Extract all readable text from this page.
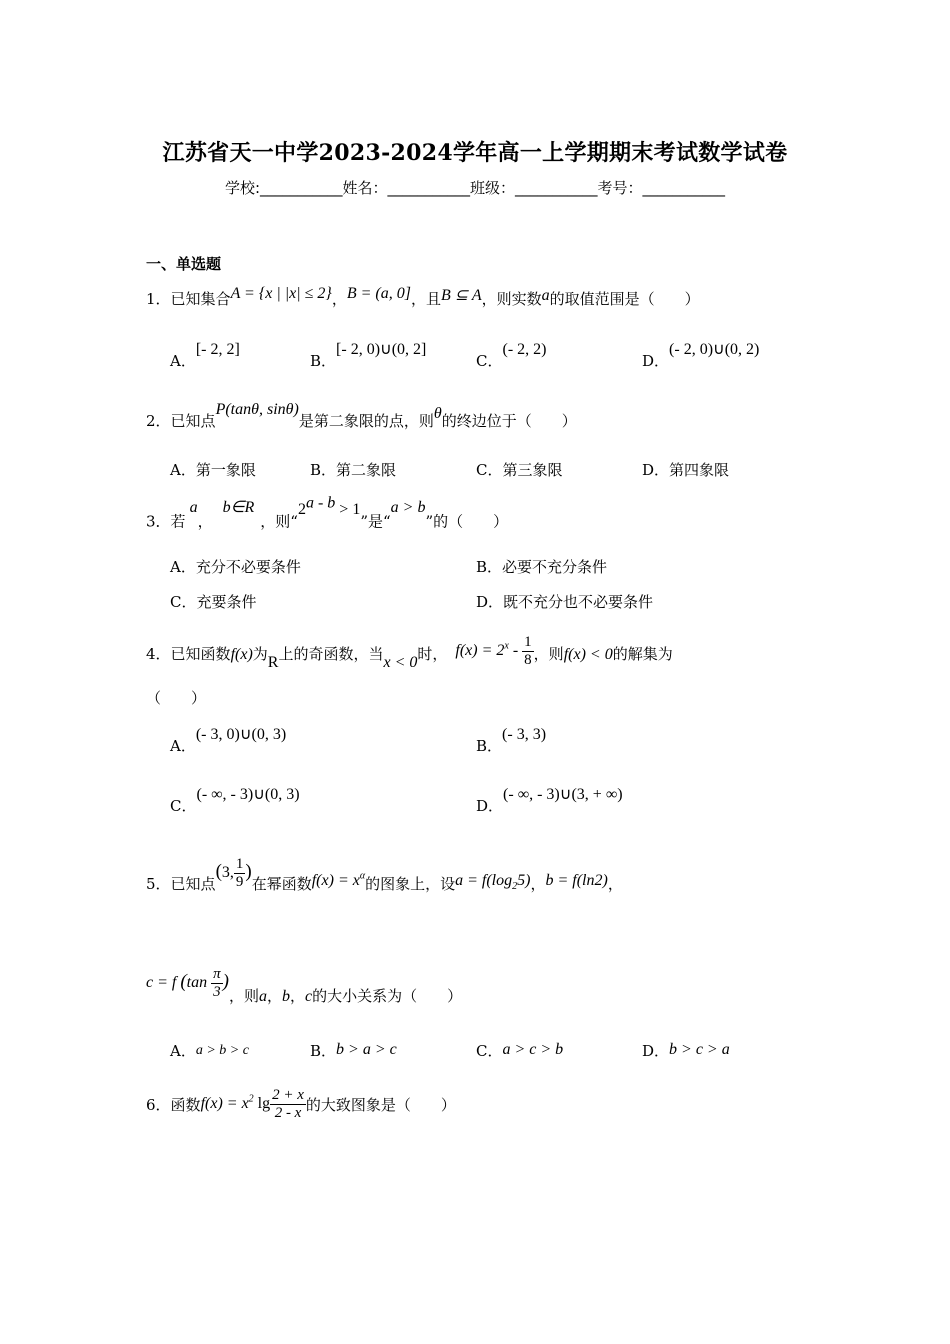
江苏省天一中学2023-2024学年高一上学期期末考试数学试卷
学校:___________姓名：___________班级：___________考号：___________
一、单选题
1．已知集合A = {x | |x| ≤ 2}，B = (a, 0]，且B ⊆ A，则实数a的取值范围是（　　）
A．[- 2, 2]
B．[- 2, 0)∪(0, 2]
C．(- 2, 2)
D．(- 2, 0)∪(0, 2)
2．已知点P(tanθ, sinθ)是第二象限的点，则θ的终边位于（　　）
A．第一象限	B．第二象限	C．第三象限	D．第四象限
3．若a，b∈R，则“$2^{a - b} > 1$”是“a > b”的（　　）
A．充分不必要条件	B．必要不充分条件
C．充要条件	D．既不充分也不必要条件
4．已知函数f(x)为R上的奇函数，当x < 0时， $f(x) = 2^x - \frac{1}{8}$ ，则f(x) < 0的解集为
（　　）
A．(- 3, 0)∪(0, 3)
B．(- 3, 3)
C．(- ∞, - 3)∪(0, 3)
D．(- ∞, - 3)∪(3, + ∞)
5．已知点(3, $\frac{1}{9}$ )在幂函数$f(x) = x^\alpha$的图象上，设$a = f(\log_25)$，b = f(ln2)，
c = f ($\tan \frac{\pi}{3}$ )，则a，b，c的大小关系为（　　）
A．a > b > c	B．b > a > c	C．a > c > b	D．b > c > a
6．函数$f(x) = x^2$ $\lg \frac{2 + x}{2 - x}$ 的大致图象是（　　）
